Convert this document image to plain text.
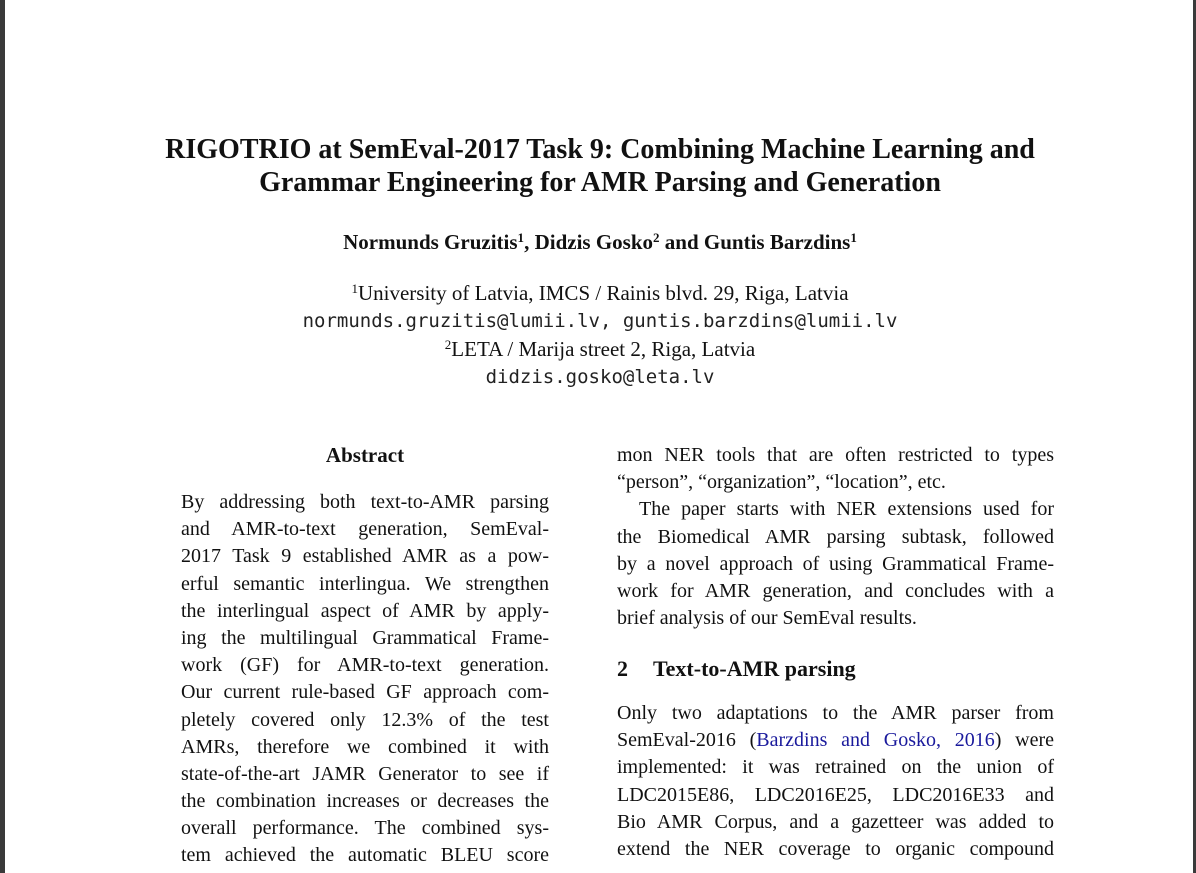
RIGOTRIO at SemEval-2017 Task 9: Combining Machine Learning and
Grammar Engineering for AMR Parsing and Generation
Normunds Gruzitis$^1$, Didzis Gosko$^2$ and Guntis Barzdins$^1$
$^1$University of Latvia, IMCS / Rainis blvd. 29, Riga, Latvia
normunds.gruzitis@lumii.lv, guntis.barzdins@lumii.lv
$^2$LETA / Marija street 2, Riga, Latvia
didzis.gosko@leta.lv
Abstract
By addressing both text-to-AMR parsing
and AMR-to-text generation, SemEval-
2017 Task 9 established AMR as a pow-
erful semantic interlingua. We strengthen
the interlingual aspect of AMR by apply-
ing the multilingual Grammatical Frame-
work (GF) for AMR-to-text generation.
Our current rule-based GF approach com-
pletely covered only 12.3% of the test
AMRs, therefore we combined it with
state-of-the-art JAMR Generator to see if
the combination increases or decreases the
overall performance. The combined sys-
tem achieved the automatic BLEU score
mon NER tools that are often restricted to types
“person”, “organization”, “location”, etc.
The paper starts with NER extensions used for
the Biomedical AMR parsing subtask, followed
by a novel approach of using Grammatical Frame-
work for AMR generation, and concludes with a
brief analysis of our SemEval results.
2 Text-to-AMR parsing
Only two adaptations to the AMR parser from
SemEval-2016 (Barzdins and Gosko, 2016) were
implemented: it was retrained on the union of
LDC2015E86, LDC2016E25, LDC2016E33 and
Bio AMR Corpus, and a gazetteer was added to
extend the NER coverage to organic compound
